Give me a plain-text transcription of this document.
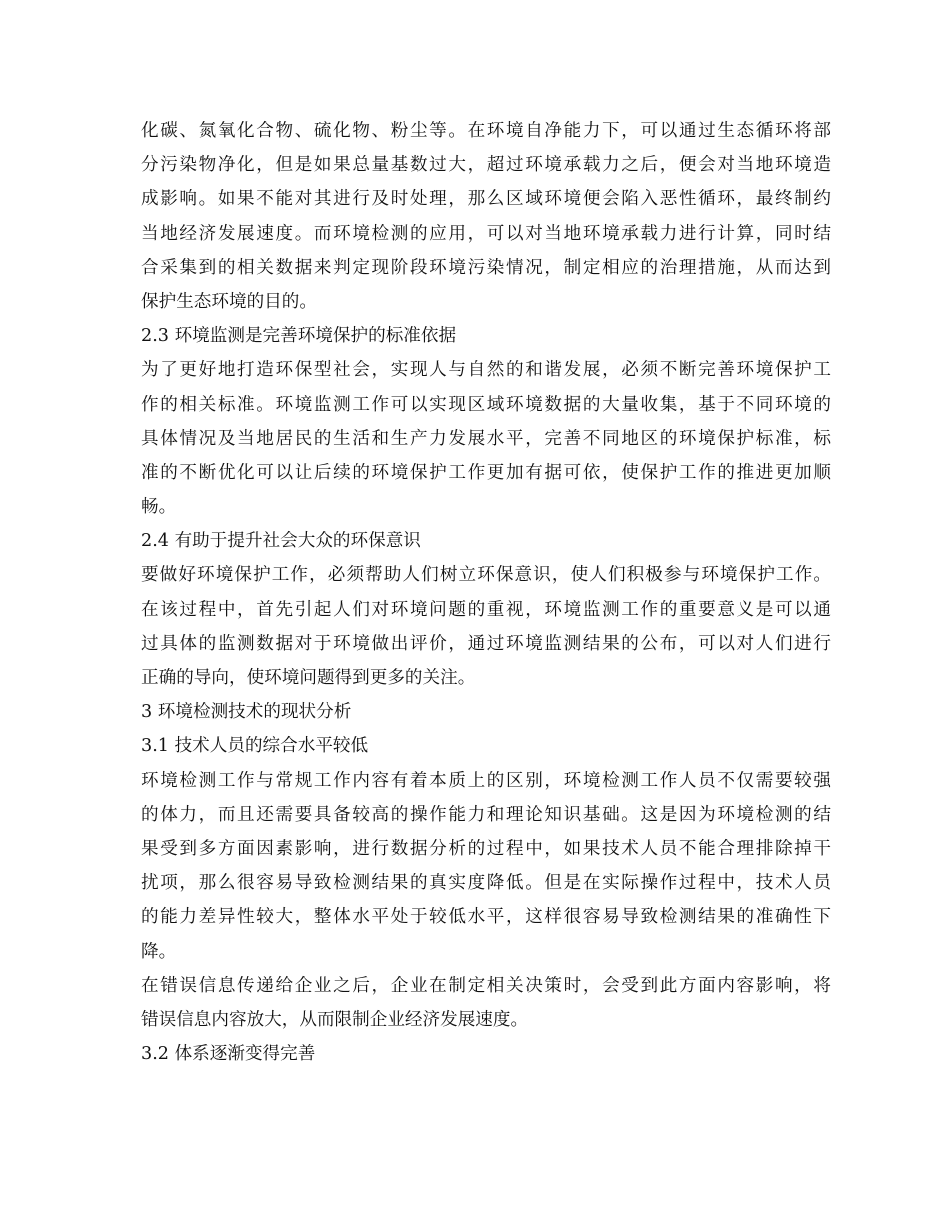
化碳、氮氧化合物、硫化物、粉尘等。在环境自净能力下，可以通过生态循环将部
分污染物净化，但是如果总量基数过大，超过环境承载力之后，便会对当地环境造
成影响。如果不能对其进行及时处理，那么区域环境便会陷入恶性循环，最终制约
当地经济发展速度。而环境检测的应用，可以对当地环境承载力进行计算，同时结
合采集到的相关数据来判定现阶段环境污染情况，制定相应的治理措施，从而达到
保护生态环境的目的。
2.3 环境监测是完善环境保护的标准依据
为了更好地打造环保型社会，实现人与自然的和谐发展，必须不断完善环境保护工
作的相关标准。环境监测工作可以实现区域环境数据的大量收集，基于不同环境的
具体情况及当地居民的生活和生产力发展水平，完善不同地区的环境保护标准，标
准的不断优化可以让后续的环境保护工作更加有据可依，使保护工作的推进更加顺
畅。
2.4 有助于提升社会大众的环保意识
要做好环境保护工作，必须帮助人们树立环保意识，使人们积极参与环境保护工作。
在该过程中，首先引起人们对环境问题的重视，环境监测工作的重要意义是可以通
过具体的监测数据对于环境做出评价，通过环境监测结果的公布，可以对人们进行
正确的导向，使环境问题得到更多的关注。
3 环境检测技术的现状分析
3.1 技术人员的综合水平较低
环境检测工作与常规工作内容有着本质上的区别，环境检测工作人员不仅需要较强
的体力，而且还需要具备较高的操作能力和理论知识基础。这是因为环境检测的结
果受到多方面因素影响，进行数据分析的过程中，如果技术人员不能合理排除掉干
扰项，那么很容易导致检测结果的真实度降低。但是在实际操作过程中，技术人员
的能力差异性较大，整体水平处于较低水平，这样很容易导致检测结果的准确性下
降。
在错误信息传递给企业之后，企业在制定相关决策时，会受到此方面内容影响，将
错误信息内容放大，从而限制企业经济发展速度。
3.2 体系逐渐变得完善
